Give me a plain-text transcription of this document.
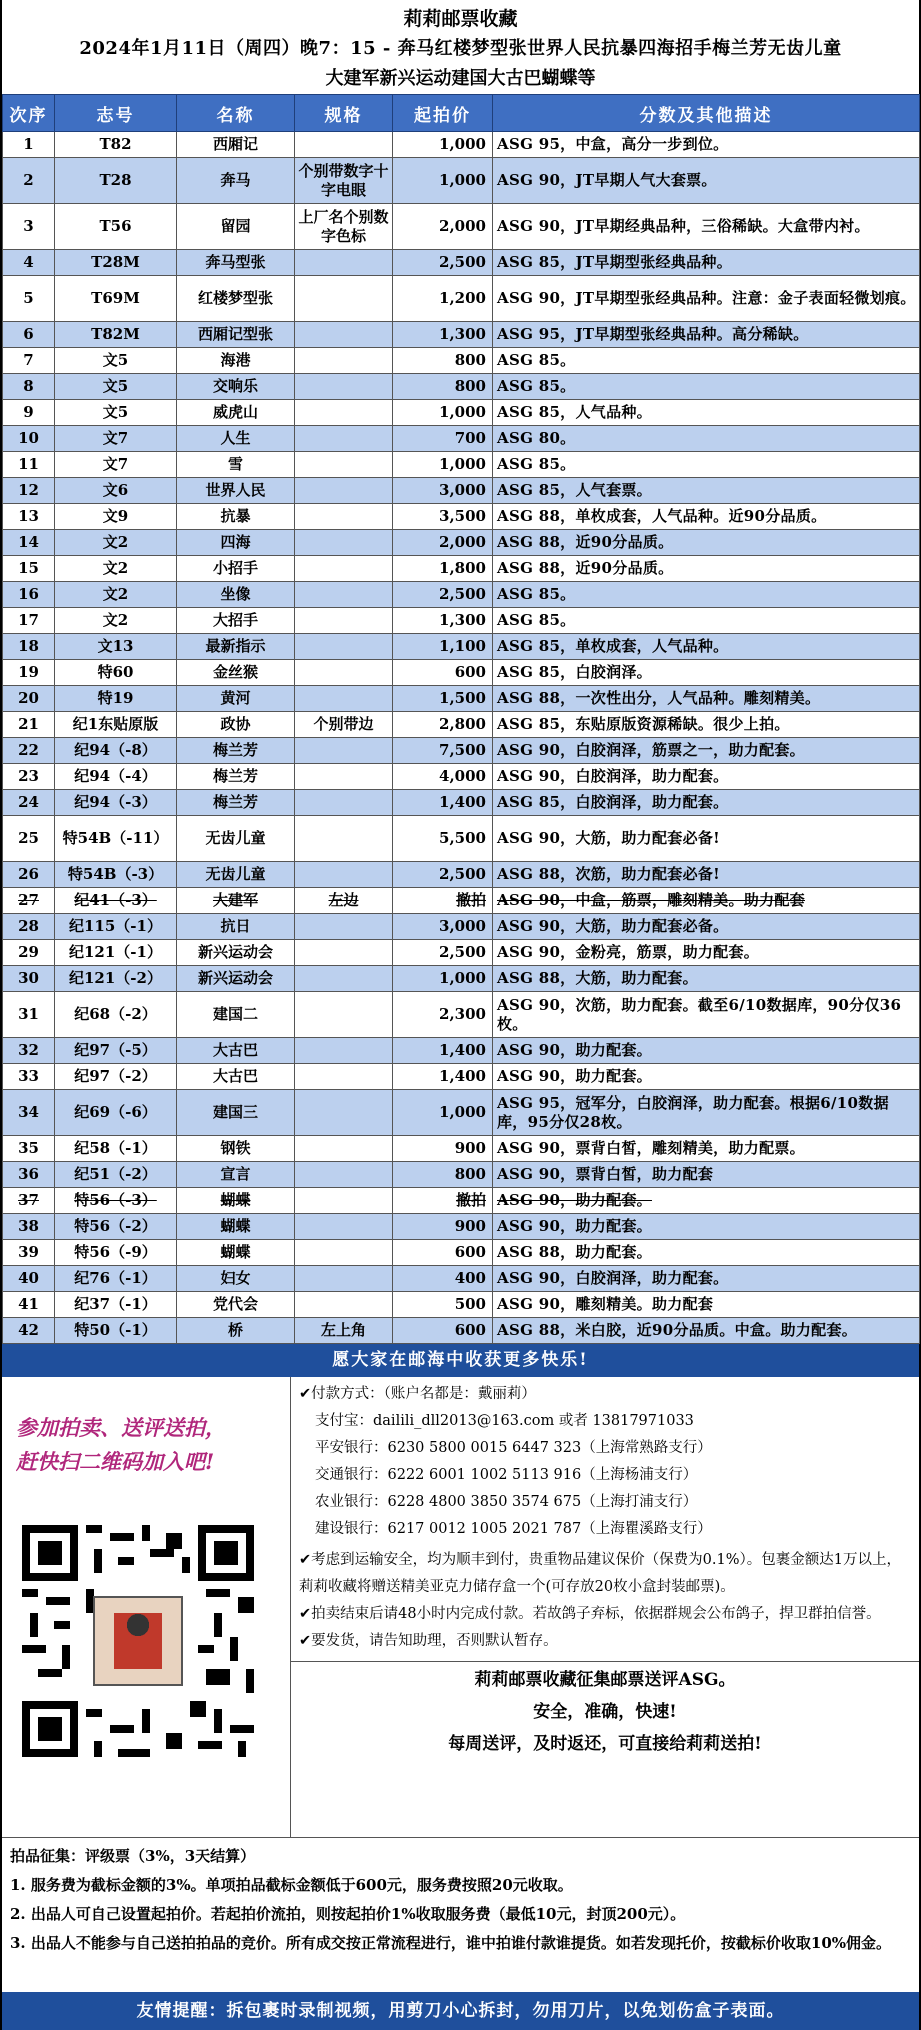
莉莉邮票收藏
2024年1月11日（周四）晚7：15 - 奔马红楼梦型张世界人民抗暴四海招手梅兰芳无齿儿童
大建军新兴运动建国大古巴蝴蝶等
次序	志号	名称	规格	起拍价	分数及其他描述
1	T82	西厢记		1,000	ASG 95，中盒，高分一步到位。
2	T28	奔马	个别带数字十字电眼	1,000	ASG 90，JT早期人气大套票。
3	T56	留园	上厂名个别数字色标	2,000	ASG 90，JT早期经典品种，三俗稀缺。大盒带内衬。
4	T28M	奔马型张		2,500	ASG 85，JT早期型张经典品种。
5	T69M	红楼梦型张		1,200	ASG 90，JT早期型张经典品种。注意：金子表面轻微划痕。
6	T82M	西厢记型张		1,300	ASG 95，JT早期型张经典品种。高分稀缺。
7	文5	海港		800	ASG 85。
8	文5	交响乐		800	ASG 85。
9	文5	威虎山		1,000	ASG 85，人气品种。
10	文7	人生		700	ASG 80。
11	文7	雪		1,000	ASG 85。
12	文6	世界人民		3,000	ASG 85，人气套票。
13	文9	抗暴		3,500	ASG 88，单枚成套，人气品种。近90分品质。
14	文2	四海		2,000	ASG 88，近90分品质。
15	文2	小招手		1,800	ASG 88，近90分品质。
16	文2	坐像		2,500	ASG 85。
17	文2	大招手		1,300	ASG 85。
18	文13	最新指示		1,100	ASG 85，单枚成套，人气品种。
19	特60	金丝猴		600	ASG 85，白胶润泽。
20	特19	黄河		1,500	ASG 88，一次性出分，人气品种。雕刻精美。
21	纪1东贴原版	政协	个别带边	2,800	ASG 85，东贴原版资源稀缺。很少上拍。
22	纪94（-8）	梅兰芳		7,500	ASG 90，白胶润泽，筋票之一，助力配套。
23	纪94（-4）	梅兰芳		4,000	ASG 90，白胶润泽，助力配套。
24	纪94（-3）	梅兰芳		1,400	ASG 85，白胶润泽，助力配套。
25	特54B（-11）	无齿儿童		5,500	ASG 90，大筋，助力配套必备!
26	特54B（-3）	无齿儿童		2,500	ASG 88，次筋，助力配套必备!
27	纪41（-3）	大建军	左边	撤拍	ASG 90，中盒，筋票，雕刻精美。助力配套
28	纪115（-1）	抗日		3,000	ASG 90，大筋，助力配套必备。
29	纪121（-1）	新兴运动会		2,500	ASG 90，金粉亮，筋票，助力配套。
30	纪121（-2）	新兴运动会		1,000	ASG 88，大筋，助力配套。
31	纪68（-2）	建国二		2,300	ASG 90，次筋，助力配套。截至6/10数据库，90分仅36枚。
32	纪97（-5）	大古巴		1,400	ASG 90，助力配套。
33	纪97（-2）	大古巴		1,400	ASG 90，助力配套。
34	纪69（-6）	建国三		1,000	ASG 95，冠军分，白胶润泽，助力配套。根据6/10数据库，95分仅28枚。
35	纪58（-1）	钢铁		900	ASG 90，票背白皙，雕刻精美，助力配票。
36	纪51（-2）	宣言		800	ASG 90，票背白皙，助力配套
37	特56（-3）	蝴蝶		撤拍	ASG 90，助力配套。
38	特56（-2）	蝴蝶		900	ASG 90，助力配套。
39	特56（-9）	蝴蝶		600	ASG 88，助力配套。
40	纪76（-1）	妇女		400	ASG 90，白胶润泽，助力配套。
41	纪37（-1）	党代会		500	ASG 90，雕刻精美。助力配套
42	特50（-1）	桥	左上角	600	ASG 88，米白胶，近90分品质。中盒。助力配套。
愿大家在邮海中收获更多快乐!
参加拍卖、送评送拍，
赶快扫二维码加入吧!
✔付款方式：（账户名都是：戴丽莉）
支付宝：dailili_dll2013@163.com 或者 13817971033
平安银行：6230 5800 0015 6447 323（上海常熟路支行）
交通银行：6222 6001 1002 5113 916（上海杨浦支行）
农业银行：6228 4800 3850 3574 675（上海打浦支行）
建设银行：6217 0012 1005 2021 787（上海瞿溪路支行）
✔考虑到运输安全，均为顺丰到付，贵重物品建议保价（保费为0.1%）。包裹金额达1万以上，莉莉收藏将赠送精美亚克力储存盒一个(可存放20枚小盒封装邮票)。
✔拍卖结束后请48小时内完成付款。若故鸽子弃标，依据群规会公布鸽子，捍卫群拍信誉。
✔要发货，请告知助理，否则默认暂存。
莉莉邮票收藏征集邮票送评ASG。
安全，准确，快速!
每周送评，及时返还，可直接给莉莉送拍!
拍品征集：评级票（3%，3天结算）
1. 服务费为截标金额的3%。单项拍品截标金额低于600元，服务费按照20元收取。
2. 出品人可自己设置起拍价。若起拍价流拍，则按起拍价1%收取服务费（最低10元，封顶200元）。
3. 出品人不能参与自己送拍拍品的竞价。所有成交按正常流程进行，谁中拍谁付款谁提货。如若发现托价，按截标价收取10%佣金。
友情提醒：拆包裹时录制视频，用剪刀小心拆封，勿用刀片，以免划伤盒子表面。
